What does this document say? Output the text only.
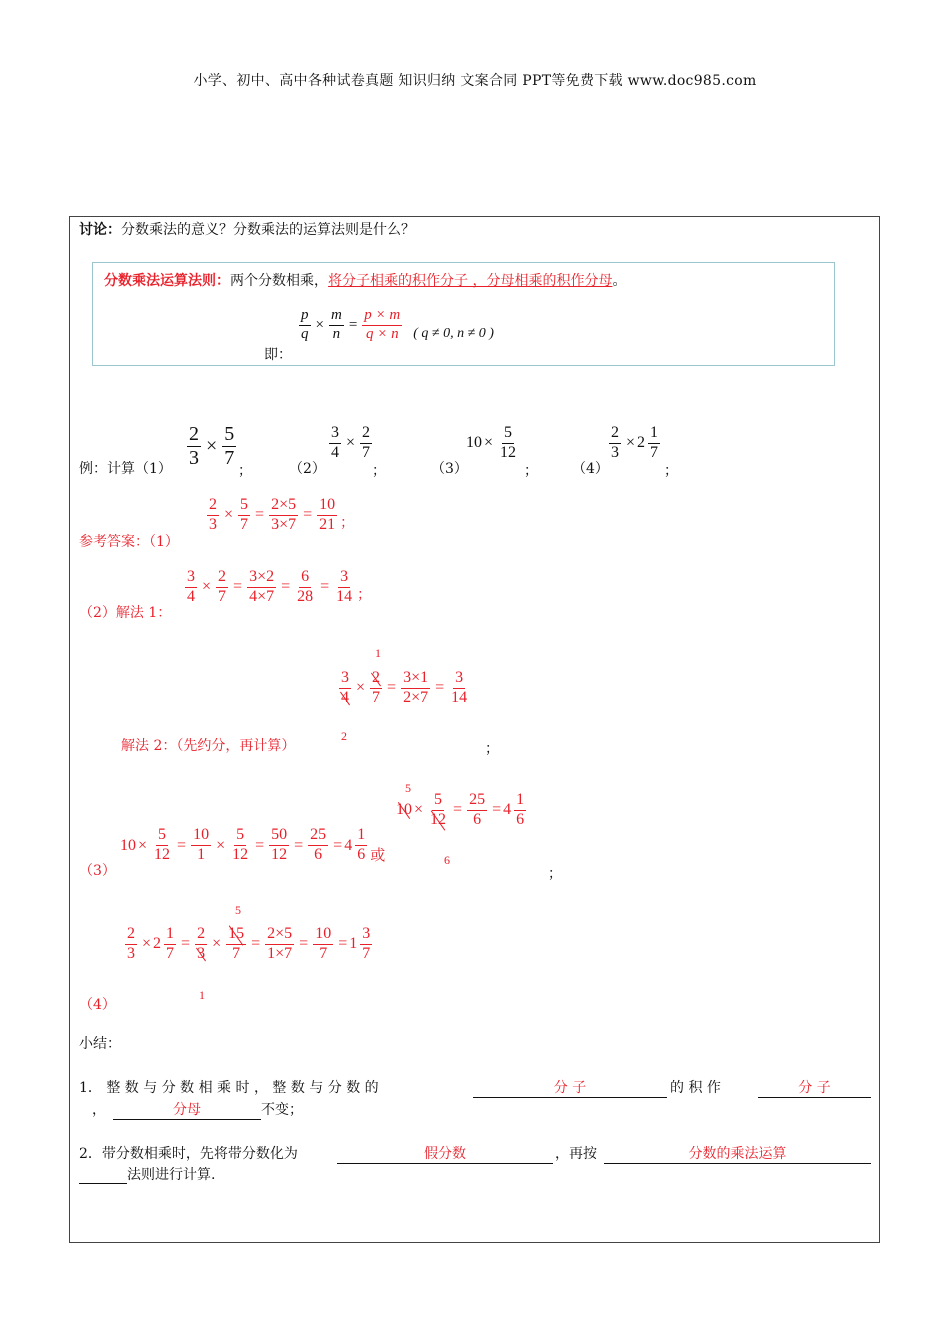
小学、初中、高中各种试卷真题 知识归纳 文案合同 PPT等免费下载 www.doc985.com
讨论：分数乘法的意义？分数乘法的运算法则是什么？
分数乘法运算法则：两个分数相乘，将分子相乘的积作分子 ，分母相乘的积作分母。
即：
$\frac{p}{q} \times \frac{m}{n} = \frac{p \times m}{q \times n}$ ( q ≠ 0, n ≠ 0 )
例：计算$(1) \frac{2}{3} \times \frac{5}{7}$
；	（2）
$\frac{3}{4} \times \frac{2}{7}$
；	（3）
$10 \times \frac{5}{12}$
； （4）
$\frac{2}{3} \times 2 \frac{1}{7}$
；
参考答案：（1）
$\frac{2}{3} \times \frac{5}{7} = \frac{2\times 5}{3\times 7} = \frac{10}{21}$ ；
（2）解法 1：
$\frac{3}{4} \times \frac{2}{7} = \frac{3\times 2}{4\times 7} = \frac{6}{28} = \frac{3}{14}$ ；
1
$\frac{3}{4} \times \frac{2}{7} = \frac{3\times 1}{2\times 7} = \frac{3}{14}$
2
解法 2：（先约分，再计算）	；
5
$10 \times \frac{5}{12} = \frac{25}{6} = 4 \frac{1}{6}$
6
（3）
$10 \times \frac{5}{12} = \frac{10}{1} \times \frac{5}{12} = \frac{50}{12} = \frac{25}{6} = 4 \frac{1}{6}$ 或
；
5
$\frac{2}{3} \times 2 \frac{1}{7} = \frac{2}{3} \times \frac{15}{7} = \frac{2\times 5}{1\times 7} = \frac{10}{7} = 1 \frac{3}{7}$
1
（4）
小结：
1． 整 数 与 分 数 相 乘 时 ， 整 数 与 分 数 的	分 子	的 积 作	分 子
，	分母	不变；
2．带分数相乘时，先将带分数化为	假分数	，再按	分数的乘法运算
法则进行计算.
